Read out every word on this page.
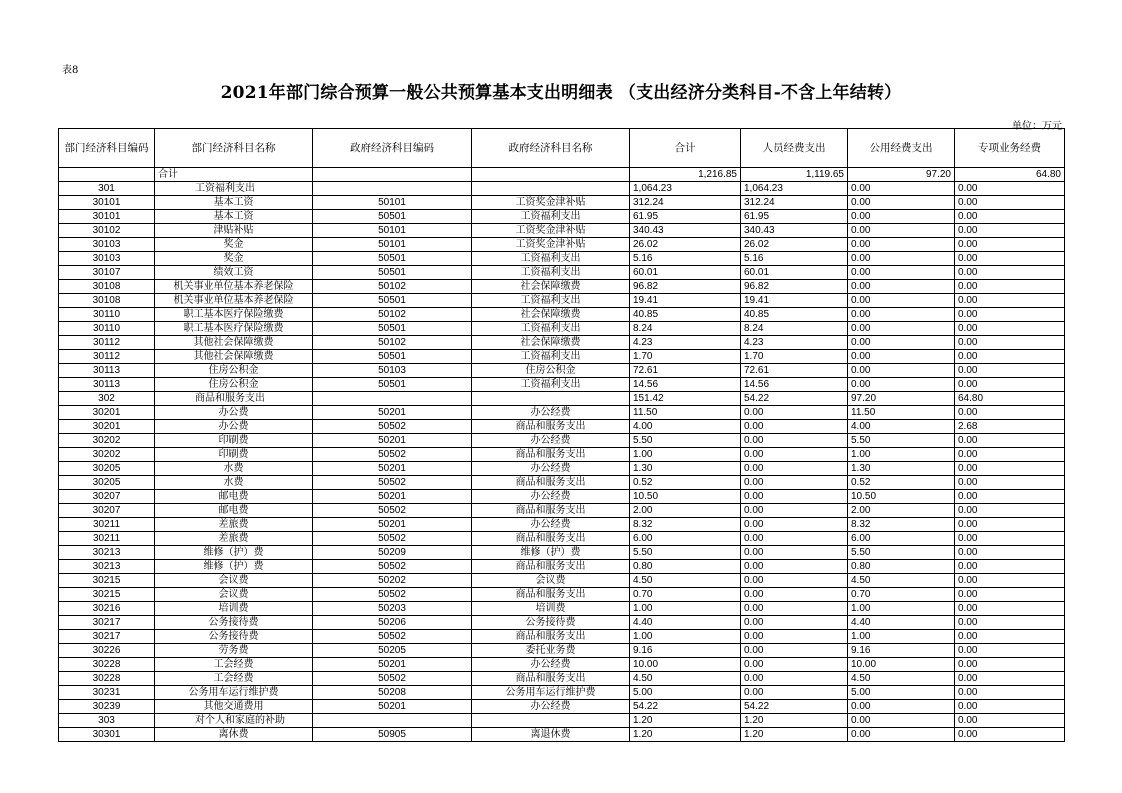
表8
2021年部门综合预算一般公共预算基本支出明细表 （支出经济分类科目-不含上年结转）
单位：万元
部门经济科目编码	部门经济科目名称	政府经济科目编码	政府经济科目名称	合计	人员经费支出	公用经费支出	专项业务经费
	合计			1,216.85	1,119.65	97.20	64.80
301	工资福利支出			1,064.23	1,064.23	0.00	0.00
30101	基本工资	50101	工资奖金津补贴	312.24	312.24	0.00	0.00
30101	基本工资	50501	工资福利支出	61.95	61.95	0.00	0.00
30102	津贴补贴	50101	工资奖金津补贴	340.43	340.43	0.00	0.00
30103	奖金	50101	工资奖金津补贴	26.02	26.02	0.00	0.00
30103	奖金	50501	工资福利支出	5.16	5.16	0.00	0.00
30107	绩效工资	50501	工资福利支出	60.01	60.01	0.00	0.00
30108	机关事业单位基本养老保险	50102	社会保障缴费	96.82	96.82	0.00	0.00
30108	机关事业单位基本养老保险	50501	工资福利支出	19.41	19.41	0.00	0.00
30110	职工基本医疗保险缴费	50102	社会保障缴费	40.85	40.85	0.00	0.00
30110	职工基本医疗保险缴费	50501	工资福利支出	8.24	8.24	0.00	0.00
30112	其他社会保障缴费	50102	社会保障缴费	4.23	4.23	0.00	0.00
30112	其他社会保障缴费	50501	工资福利支出	1.70	1.70	0.00	0.00
30113	住房公积金	50103	住房公积金	72.61	72.61	0.00	0.00
30113	住房公积金	50501	工资福利支出	14.56	14.56	0.00	0.00
302	商品和服务支出			151.42	54.22	97.20	64.80
30201	办公费	50201	办公经费	11.50	0.00	11.50	0.00
30201	办公费	50502	商品和服务支出	4.00	0.00	4.00	2.68
30202	印刷费	50201	办公经费	5.50	0.00	5.50	0.00
30202	印刷费	50502	商品和服务支出	1.00	0.00	1.00	0.00
30205	水费	50201	办公经费	1.30	0.00	1.30	0.00
30205	水费	50502	商品和服务支出	0.52	0.00	0.52	0.00
30207	邮电费	50201	办公经费	10.50	0.00	10.50	0.00
30207	邮电费	50502	商品和服务支出	2.00	0.00	2.00	0.00
30211	差旅费	50201	办公经费	8.32	0.00	8.32	0.00
30211	差旅费	50502	商品和服务支出	6.00	0.00	6.00	0.00
30213	维修（护）费	50209	维修（护）费	5.50	0.00	5.50	0.00
30213	维修（护）费	50502	商品和服务支出	0.80	0.00	0.80	0.00
30215	会议费	50202	会议费	4.50	0.00	4.50	0.00
30215	会议费	50502	商品和服务支出	0.70	0.00	0.70	0.00
30216	培训费	50203	培训费	1.00	0.00	1.00	0.00
30217	公务接待费	50206	公务接待费	4.40	0.00	4.40	0.00
30217	公务接待费	50502	商品和服务支出	1.00	0.00	1.00	0.00
30226	劳务费	50205	委托业务费	9.16	0.00	9.16	0.00
30228	工会经费	50201	办公经费	10.00	0.00	10.00	0.00
30228	工会经费	50502	商品和服务支出	4.50	0.00	4.50	0.00
30231	公务用车运行维护费	50208	公务用车运行维护费	5.00	0.00	5.00	0.00
30239	其他交通费用	50201	办公经费	54.22	54.22	0.00	0.00
303	对个人和家庭的补助			1.20	1.20	0.00	0.00
30301	离休费	50905	离退休费	1.20	1.20	0.00	0.00
